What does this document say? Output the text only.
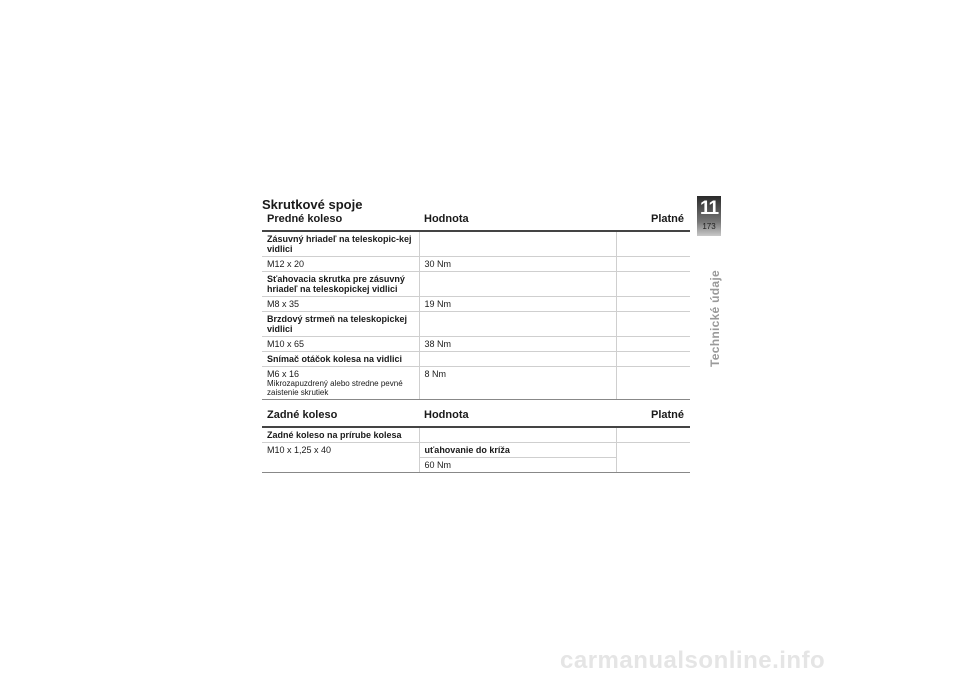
Skrutkové spoje
Predné koleso	Hodnota	Platné
Zásuvný hriadeľ na teleskopic-kej vidlici		
M12 x 20	30 Nm	
Sťahovacia skrutka pre zásuvný hriadeľ na teleskopickej vidlici		
M8 x 35	19 Nm	
Brzdový strmeň na teleskopickej vidlici		
M10 x 65	38 Nm	
Snímač otáčok kolesa na vidlici		
M6 x 16
Mikrozapuzdrený alebo stredne pevné zaistenie skrutiek	8 Nm	
Zadné koleso	Hodnota	Platné
Zadné koleso na prírube kolesa		
M10 x 1,25 x 40	uťahovanie do kríža	
	60 Nm	
11
173
Technické údaje
carmanualsonline.info
